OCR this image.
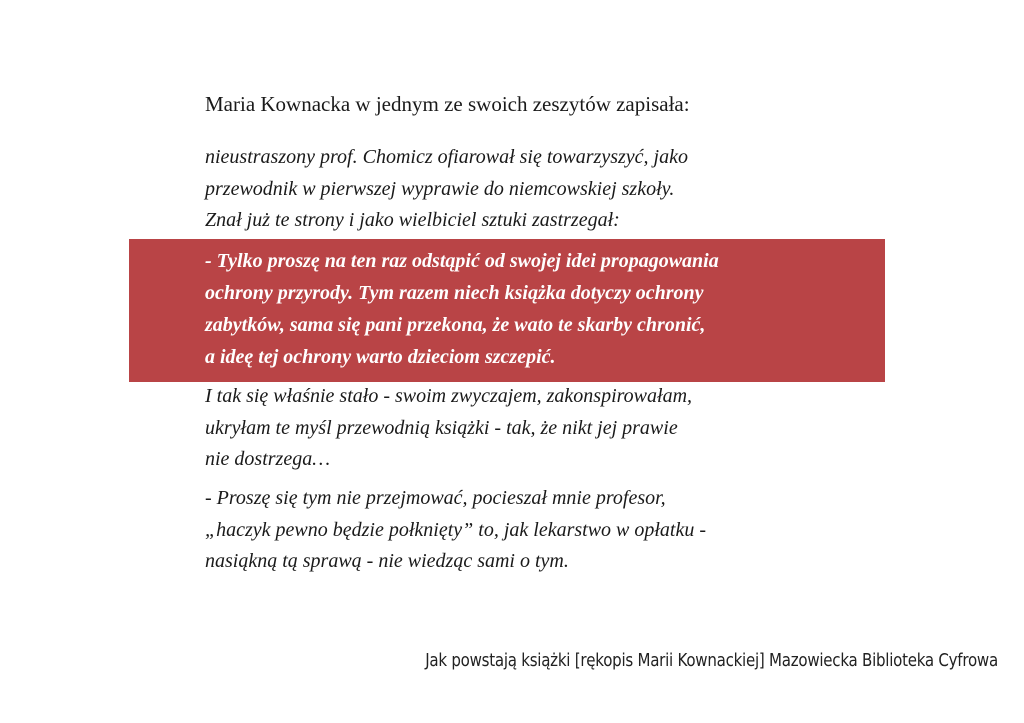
Maria Kownacka w jednym ze swoich zeszytów zapisała:

nieustraszony prof. Chomicz ofiarował się towarzyszyć, jako
przewodnik w pierwszej wyprawie do niemcowskiej szkoły.
Znał już te strony i jako wielbiciel sztuki zastrzegał:

- Tylko proszę na ten raz odstąpić od swojej idei propagowania
ochrony przyrody. Tym razem niech książka dotyczy ochrony
zabytków, sama się pani przekona, że wato te skarby chronić,
a ideę tej ochrony warto dzieciom szczepić.

I tak się właśnie stało - swoim zwyczajem, zakonspirowałam,
ukryłam te myśl przewodnią książki - tak, że nikt jej prawie
nie dostrzega…

- Proszę się tym nie przejmować, pocieszał mnie profesor,
„haczyk pewno będzie połknięty” to, jak lekarstwo w opłatku -
nasiąkną tą sprawą - nie wiedząc sami o tym.

Jak powstają książki [rękopis Marii Kownackiej] Mazowiecka Biblioteka Cyfrowa
